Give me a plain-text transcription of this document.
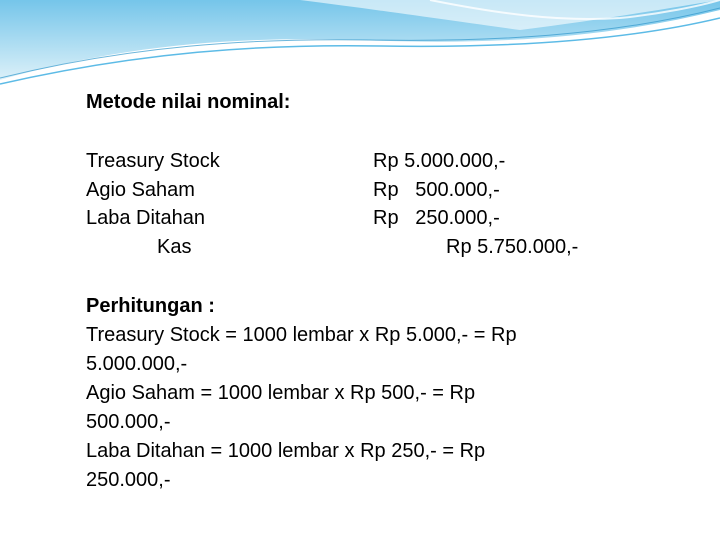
Metode nilai nominal:
Treasury Stock	Rp 5.000.000,-
Agio Saham	Rp   500.000,-
Laba Ditahan	Rp   250.000,-
Kas	Rp 5.750.000,-
Perhitungan :
Treasury Stock = 1000 lembar x Rp 5.000,- = Rp
5.000.000,-
Agio Saham = 1000 lembar x Rp 500,- = Rp
500.000,-
Laba Ditahan = 1000 lembar x Rp 250,- = Rp
250.000,-
